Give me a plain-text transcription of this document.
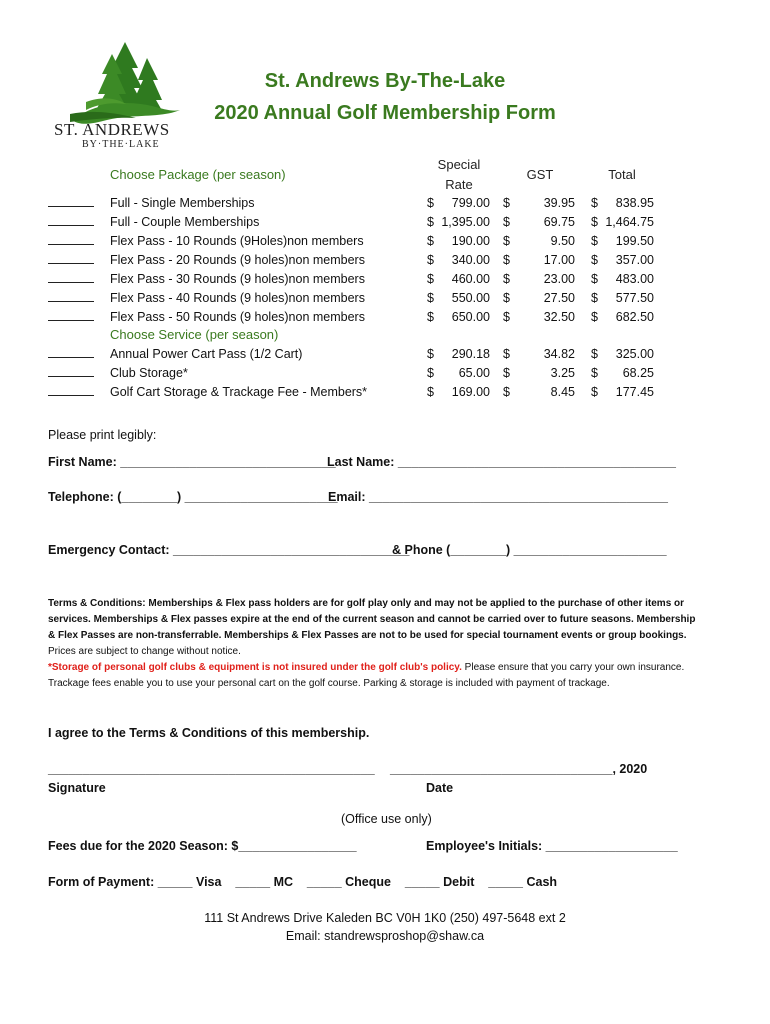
ST. ANDREWS
BY·THE·LAKE
St. Andrews By-The-Lake
2020 Annual Golf Membership Form
Choose Package (per season)
Special
Rate
GST	Total
Full - Single Memberships	$	799.00 $	39.95 $	838.95
Full - Couple Memberships	$ 1,395.00 $	69.75 $ 1,464.75
Flex Pass - 10 Rounds (9Holes)non members	$	190.00 $	9.50 $	199.50
Flex Pass - 20 Rounds (9 holes)non members	$	340.00 $	17.00 $	357.00
Flex Pass - 30 Rounds (9 holes)non members	$	460.00 $	23.00 $	483.00
Flex Pass - 40 Rounds (9 holes)non members	$	550.00 $	27.50 $	577.50
Flex Pass - 50 Rounds (9 holes)non members	$	650.00 $	32.50 $	682.50
Choose Service (per season)
Annual Power Cart Pass (1/2 Cart)	$	290.18 $	34.82 $	325.00
Club Storage*	$	65.00 $	3.25 $	68.25
Golf Cart Storage & Trackage Fee - Members*	$	169.00 $	8.45 $	177.45
Please print legibly:
First Name: _______________________________
Last Name: ________________________________________
Telephone: (________) ______________________
Email: ___________________________________________
Emergency Contact: __________________________________
& Phone (________) ______________________

Terms & Conditions: Memberships & Flex pass holders are for golf play only and may not be applied to the purchase of other items or

services. Memberships & Flex passes expire at the end of the current season and cannot be carried over to future seasons. Membership

& Flex Passes are non-transferrable. Memberships & Flex Passes are not to be used for special tournament events or group bookings.

Prices are subject to change without notice.

*Storage of personal golf clubs & equipment is not insured under the golf club's policy. Please ensure that you carry your own insurance.

Trackage fees enable you to use your personal cart on the golf course. Parking & storage is included with payment of trackage.

I agree to the Terms & Conditions of this membership.
_______________________________________________
Signature
________________________________, 2020
Date
(Office use only)
Fees due for the 2020 Season: $_________________	Employee's Initials: ___________________
Form of Payment: _____ Visa    _____ MC    _____ Cheque    _____ Debit    _____ Cash
111 St Andrews Drive Kaleden BC V0H 1K0 (250) 497-5648 ext 2
Email: standrewsproshop@shaw.ca
